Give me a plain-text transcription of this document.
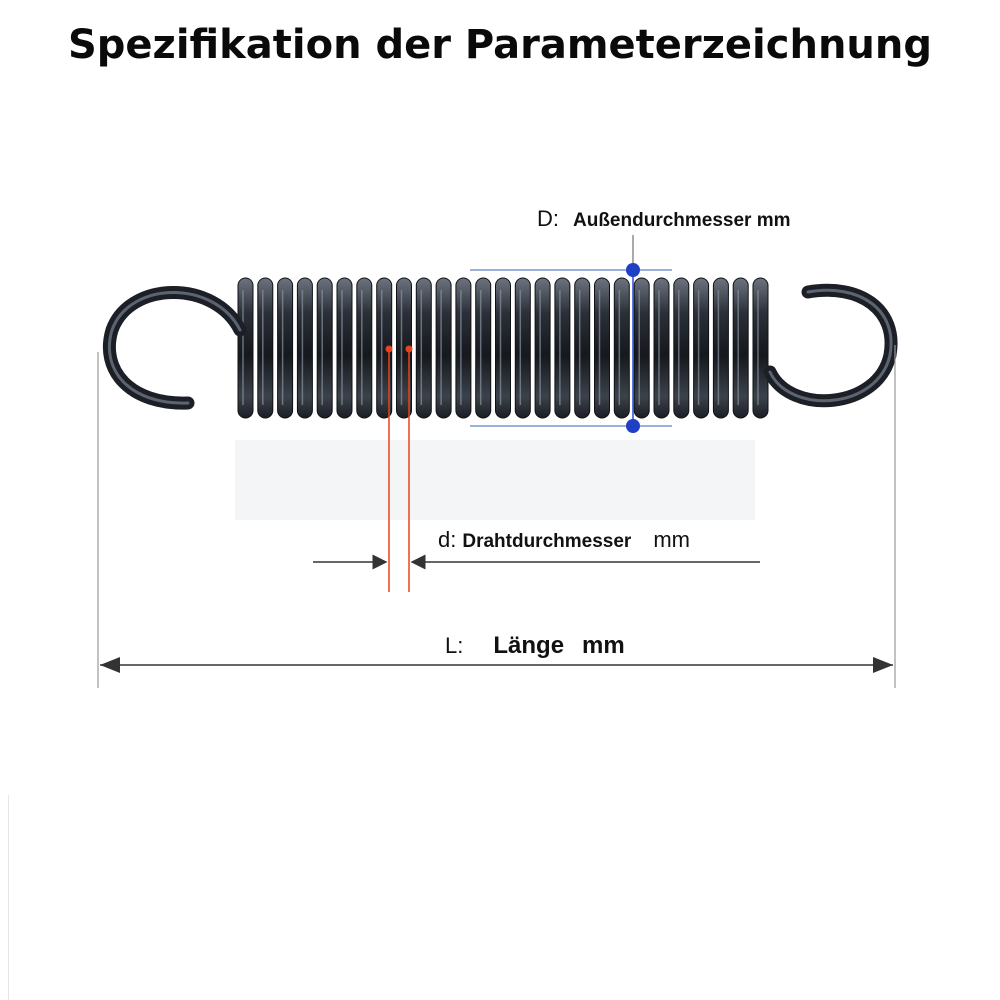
Spezifikation der Parameterzeichnung
D: Außendurchmesser mm
d: Drahtdurchmesser mm
L: Länge mm
